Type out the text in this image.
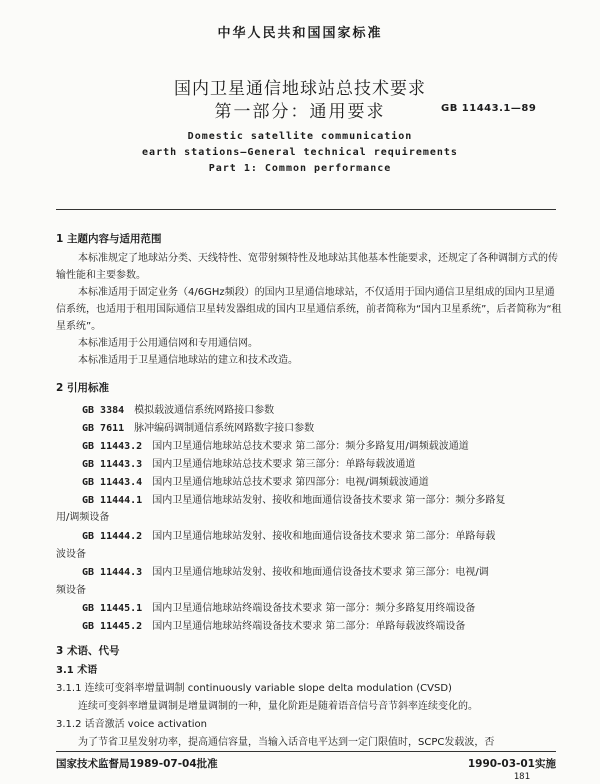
中华人民共和国国家标准
国内卫星通信地球站总技术要求
第一部分：通用要求	GB 11443.1—89
Domestic satellite communication
earth stations—General technical requirements
Part 1: Common performance
1 主题内容与适用范围
本标准规定了地球站分类、天线特性、宽带射频特性及地球站其他基本性能要求，还规定了各种调制方式的传输性能和主要参数。
本标准适用于固定业务（4/6GHz频段）的国内卫星通信地球站，不仅适用于国内通信卫星组成的国内卫星通信系统，也适用于租用国际通信卫星转发器组成的国内卫星通信系统，前者简称为“国内卫星系统”，后者简称为“租星系统”。
本标准适用于公用通信网和专用通信网。
本标准适用于卫星通信地球站的建立和技术改造。
2 引用标准
GB 3384 模拟载波通信系统网路接口参数
GB 7611 脉冲编码调制通信系统网路数字接口参数
GB 11443.2 国内卫星通信地球站总技术要求 第二部分：频分多路复用/调频载波通道
GB 11443.3 国内卫星通信地球站总技术要求 第三部分：单路每载波通道
GB 11443.4 国内卫星通信地球站总技术要求 第四部分：电视/调频载波通道
GB 11444.1 国内卫星通信地球站发射、接收和地面通信设备技术要求 第一部分：频分多路复
用/调频设备
GB 11444.2 国内卫星通信地球站发射、接收和地面通信设备技术要求 第二部分：单路每载
波设备
GB 11444.3 国内卫星通信地球站发射、接收和地面通信设备技术要求 第三部分：电视/调
频设备
GB 11445.1 国内卫星通信地球站终端设备技术要求 第一部分：频分多路复用终端设备
GB 11445.2 国内卫星通信地球站终端设备技术要求 第二部分：单路每载波终端设备
3 术语、代号
3.1 术语
3.1.1 连续可变斜率增量调制 continuously variable slope delta modulation (CVSD)
连续可变斜率增量调制是增量调制的一种，量化阶距是随着语音信号音节斜率连续变化的。
3.1.2 话音激活 voice activation
为了节省卫星发射功率，提高通信容量，当输入话音电平达到一定门限值时，SCPC发载波，否
国家技术监督局1989-07-04批准	1990-03-01实施
181
